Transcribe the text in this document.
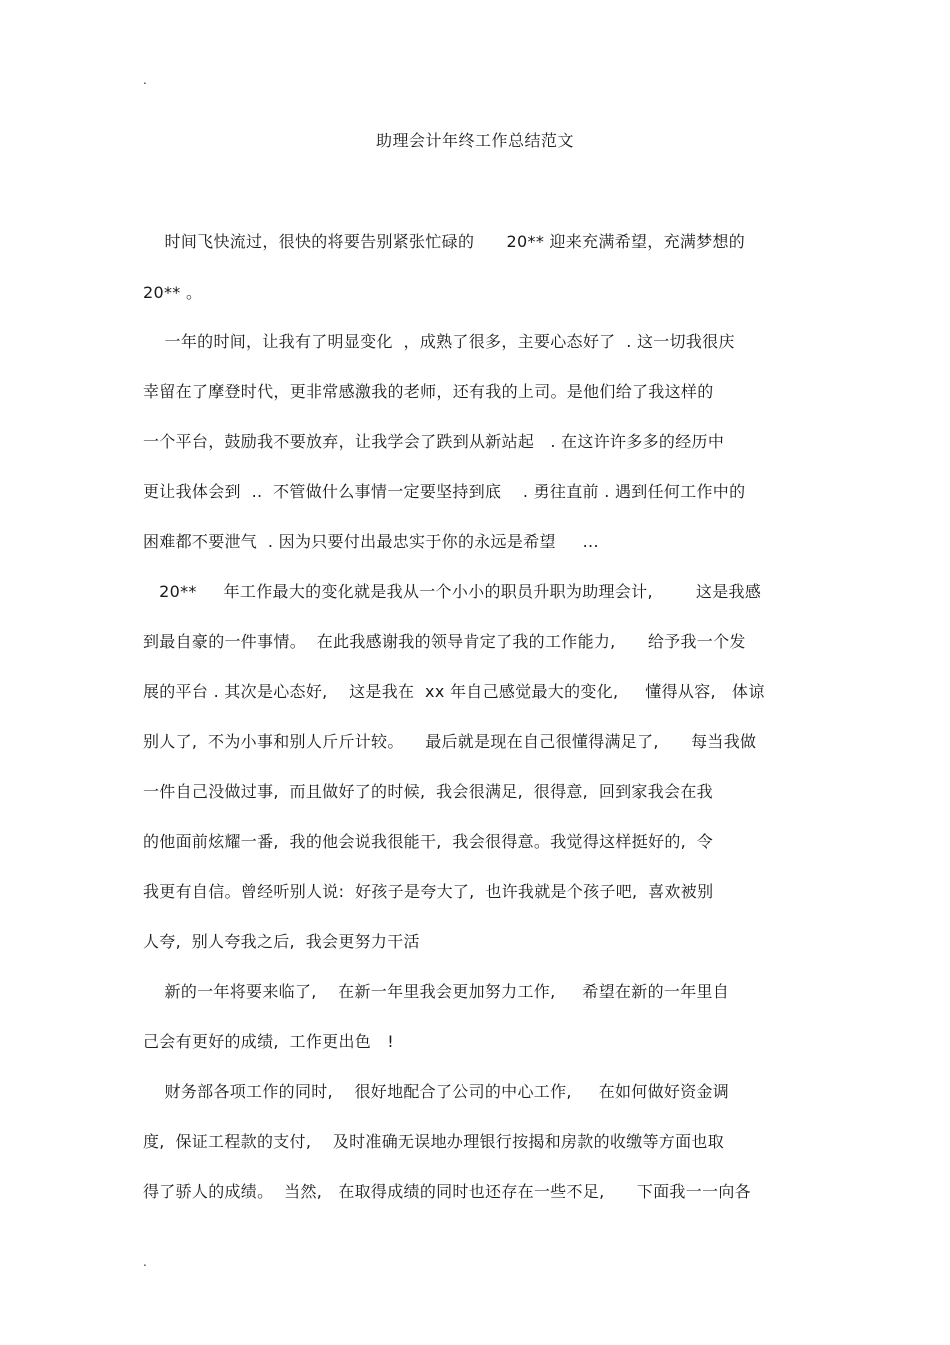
.
助理会计年终工作总结范文
时间飞快流过，很快的将要告别紧张忙碌的      20** 迎来充满希望，充满梦想的
20** 。
一年的时间，让我有了明显变化  ，成熟了很多，主要心态好了  . 这一切我很庆
幸留在了摩登时代，更非常感激我的老师，还有我的上司。是他们给了我这样的
一个平台，鼓励我不要放弃，让我学会了跌到从新站起   . 在这许许多多的经历中
更让我体会到  ..  不管做什么事情一定要坚持到底    . 勇往直前 . 遇到任何工作中的
困难都不要泄气  . 因为只要付出最忠实于你的永远是希望     ...
20**     年工作最大的变化就是我从一个小小的职员升职为助理会计,        这是我感
到最自豪的一件事情。  在此我感谢我的领导肯定了我的工作能力,      给予我一个发
展的平台 . 其次是心态好,    这是我在  xx 年自己感觉最大的变化,     懂得从容,   体谅
别人了,  不为小事和别人斤斤计较。    最后就是现在自己很懂得满足了,      每当我做
一件自己没做过事,  而且做好了的时候,  我会很满足,  很得意,  回到家我会在我
的他面前炫耀一番,  我的他会说我很能干,  我会很得意。我觉得这样挺好的,  令
我更有自信。曾经听别人说:  好孩子是夸大了,  也许我就是个孩子吧,  喜欢被别
人夸,  别人夸我之后,  我会更努力干活
新的一年将要来临了,    在新一年里我会更加努力工作,     希望在新的一年里自
己会有更好的成绩,  工作更出色   !
财务部各项工作的同时,    很好地配合了公司的中心工作,     在如何做好资金调
度,  保证工程款的支付,    及时准确无误地办理银行按揭和房款的收缴等方面也取
得了骄人的成绩。  当然,   在取得成绩的同时也还存在一些不足,      下面我一一向各
.
